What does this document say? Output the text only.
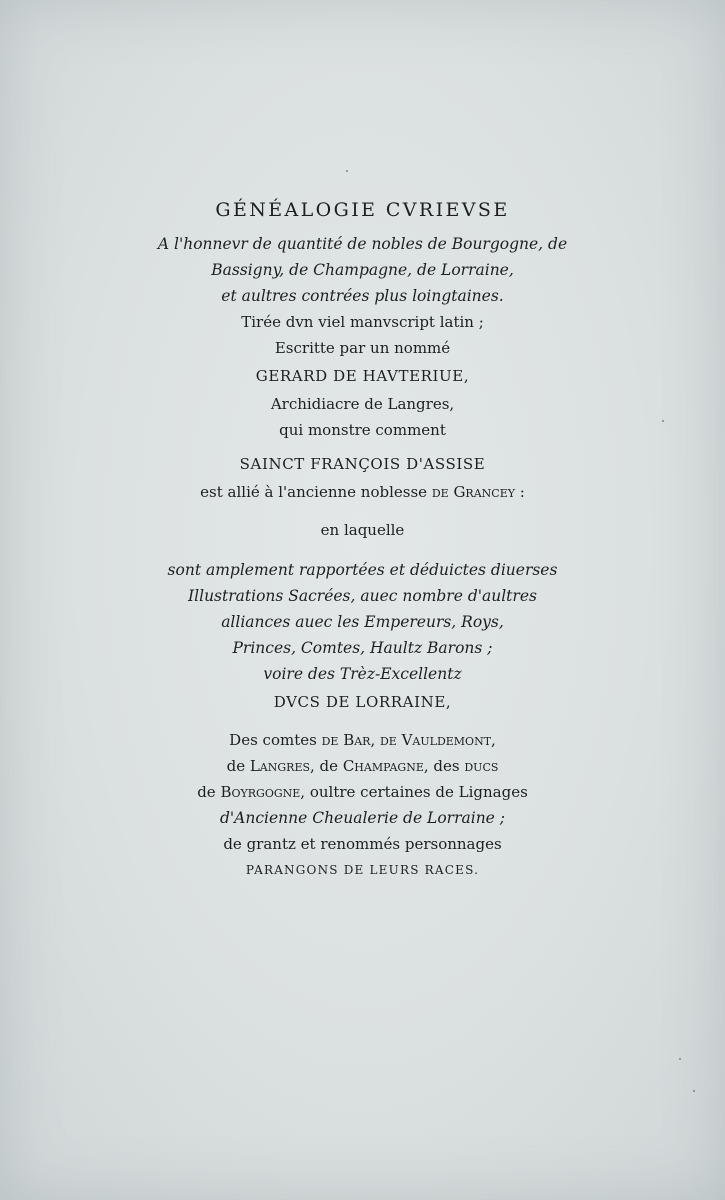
GÉNÉALOGIE CVRIEVSE
A l'honnevr de quantité de nobles de Bourgogne, de
Bassigny, de Champagne, de Lorraine,
et aultres contrées plus loingtaines.
Tirée dvn viel manvscript latin ;
Escritte par un nommé
GERARD DE HAVTERIUE,
Archidiacre de Langres,
qui monstre comment
SAINCT FRANÇOIS D'ASSISE
est allié à l'ancienne noblesse de Grancey :
en laquelle
sont amplement rapportées et déduictes diuerses
Illustrations Sacrées, auec nombre d'aultres
alliances auec les Empereurs, Roys,
Princes, Comtes, Haultz Barons ;
voire des Trèz-Excellentz
DVCS DE LORRAINE,
Des comtes de Bar, de Vauldemont,
de Langres, de Champagne, des ducs
de Boyrgogne, oultre certaines de Lignages
d'Ancienne Cheualerie de Lorraine ;
de grantz et renommés personnages
PARANGONS DE LEURS RACES.
